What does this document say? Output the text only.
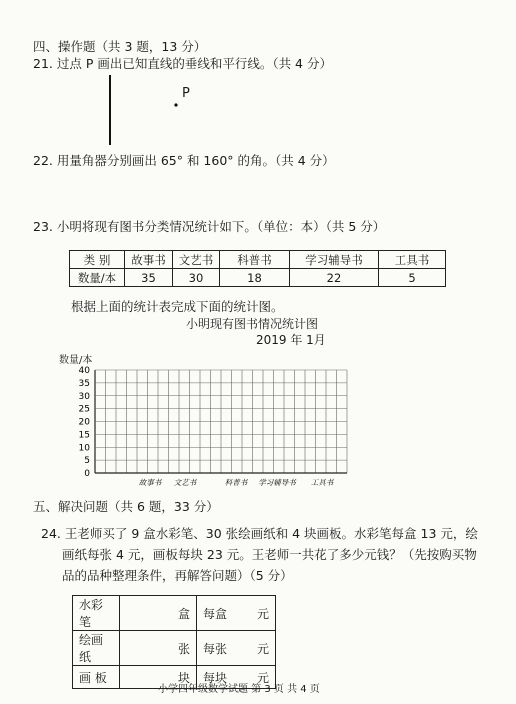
四、操作题（共 3 题，13 分）
21. 过点 P 画出已知直线的垂线和平行线。（共 4 分）
P
22. 用量角器分别画出 65° 和 160° 的角。（共 4 分）
23. 小明将现有图书分类情况统计如下。（单位：本）（共 5 分）
类 别	故事书	文艺书	科普书	学习辅导书	工具书
数量/本	35	30	18	22	5
根据上面的统计表完成下面的统计图。
小明现有图书情况统计图
2019 年 1月
数量/本
40
35
30
25
20
15
10
5
0
故事书 文艺书	科普书 学习辅导书 工具书
五、解决问题（共 6 题，33 分）
24. 王老师买了 9 盒水彩笔、30 张绘画纸和 4 块画板。水彩笔每盒 13 元，绘
画纸每张 4 元，画板每块 23 元。王老师一共花了多少元钱？（先按购买物
品的品种整理条件，再解答问题）（5 分）
水彩笔	盒	每盒 元

绘画纸	张	每张 元

画 板	块	每块 元
小学四年级数学试题 第 3 页 共 4 页
